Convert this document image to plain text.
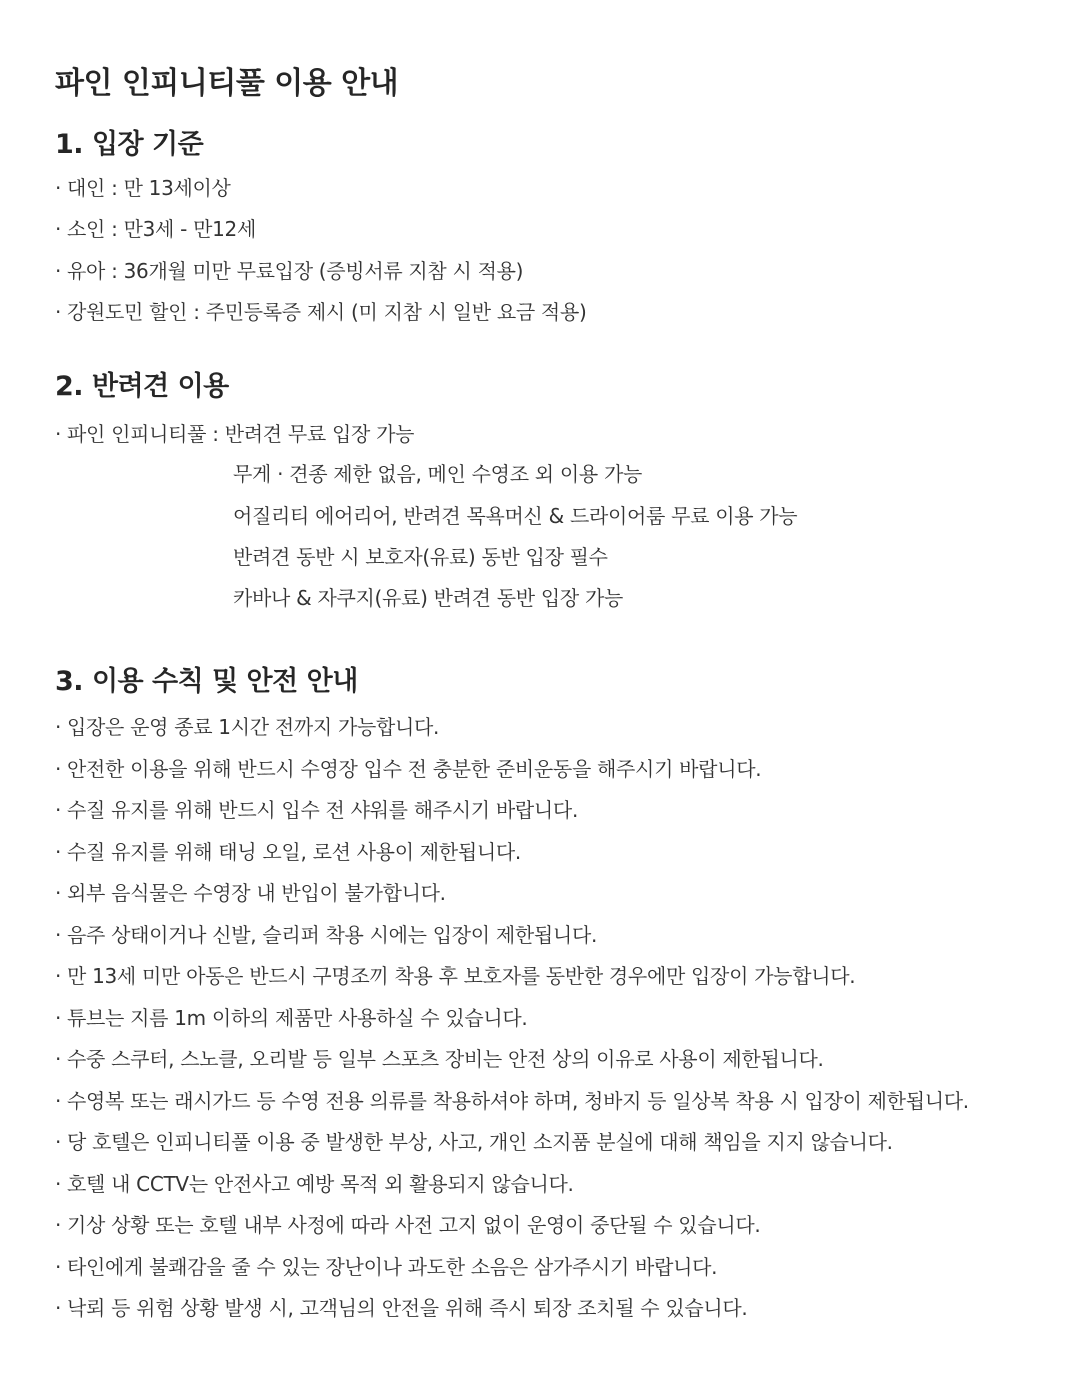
파인 인피니티풀 이용 안내
1. 입장 기준

· 대인 : 만 13세이상

· 소인 : 만3세 - 만12세

· 유아 : 36개월 미만 무료입장 (증빙서류 지참 시 적용)

· 강원도민 할인 : 주민등록증 제시 (미 지참 시 일반 요금 적용)

2. 반려견 이용

· 파인 인피니티풀 : 반려견 무료 입장 가능

무게 · 견종 제한 없음, 메인 수영조 외 이용 가능

어질리티 에어리어, 반려견 목욕머신 & 드라이어룸 무료 이용 가능

반려견 동반 시 보호자(유료) 동반 입장 필수

카바나 & 자쿠지(유료) 반려견 동반 입장 가능

3. 이용 수칙 및 안전 안내

· 입장은 운영 종료 1시간 전까지 가능합니다.

· 안전한 이용을 위해 반드시 수영장 입수 전 충분한 준비운동을 해주시기 바랍니다.

· 수질 유지를 위해 반드시 입수 전 샤워를 해주시기 바랍니다.

· 수질 유지를 위해 태닝 오일, 로션 사용이 제한됩니다.

· 외부 음식물은 수영장 내 반입이 불가합니다.

· 음주 상태이거나 신발, 슬리퍼 착용 시에는 입장이 제한됩니다.

· 만 13세 미만 아동은 반드시 구명조끼 착용 후 보호자를 동반한 경우에만 입장이 가능합니다.

· 튜브는 지름 1m 이하의 제품만 사용하실 수 있습니다.

· 수중 스쿠터, 스노클, 오리발 등 일부 스포츠 장비는 안전 상의 이유로 사용이 제한됩니다.

· 수영복 또는 래시가드 등 수영 전용 의류를 착용하셔야 하며, 청바지 등 일상복 착용 시 입장이 제한됩니다.

· 당 호텔은 인피니티풀 이용 중 발생한 부상, 사고, 개인 소지품 분실에 대해 책임을 지지 않습니다.

· 호텔 내 CCTV는 안전사고 예방 목적 외 활용되지 않습니다.

· 기상 상황 또는 호텔 내부 사정에 따라 사전 고지 없이 운영이 중단될 수 있습니다.

· 타인에게 불쾌감을 줄 수 있는 장난이나 과도한 소음은 삼가주시기 바랍니다.

· 낙뢰 등 위험 상황 발생 시, 고객님의 안전을 위해 즉시 퇴장 조치될 수 있습니다.
